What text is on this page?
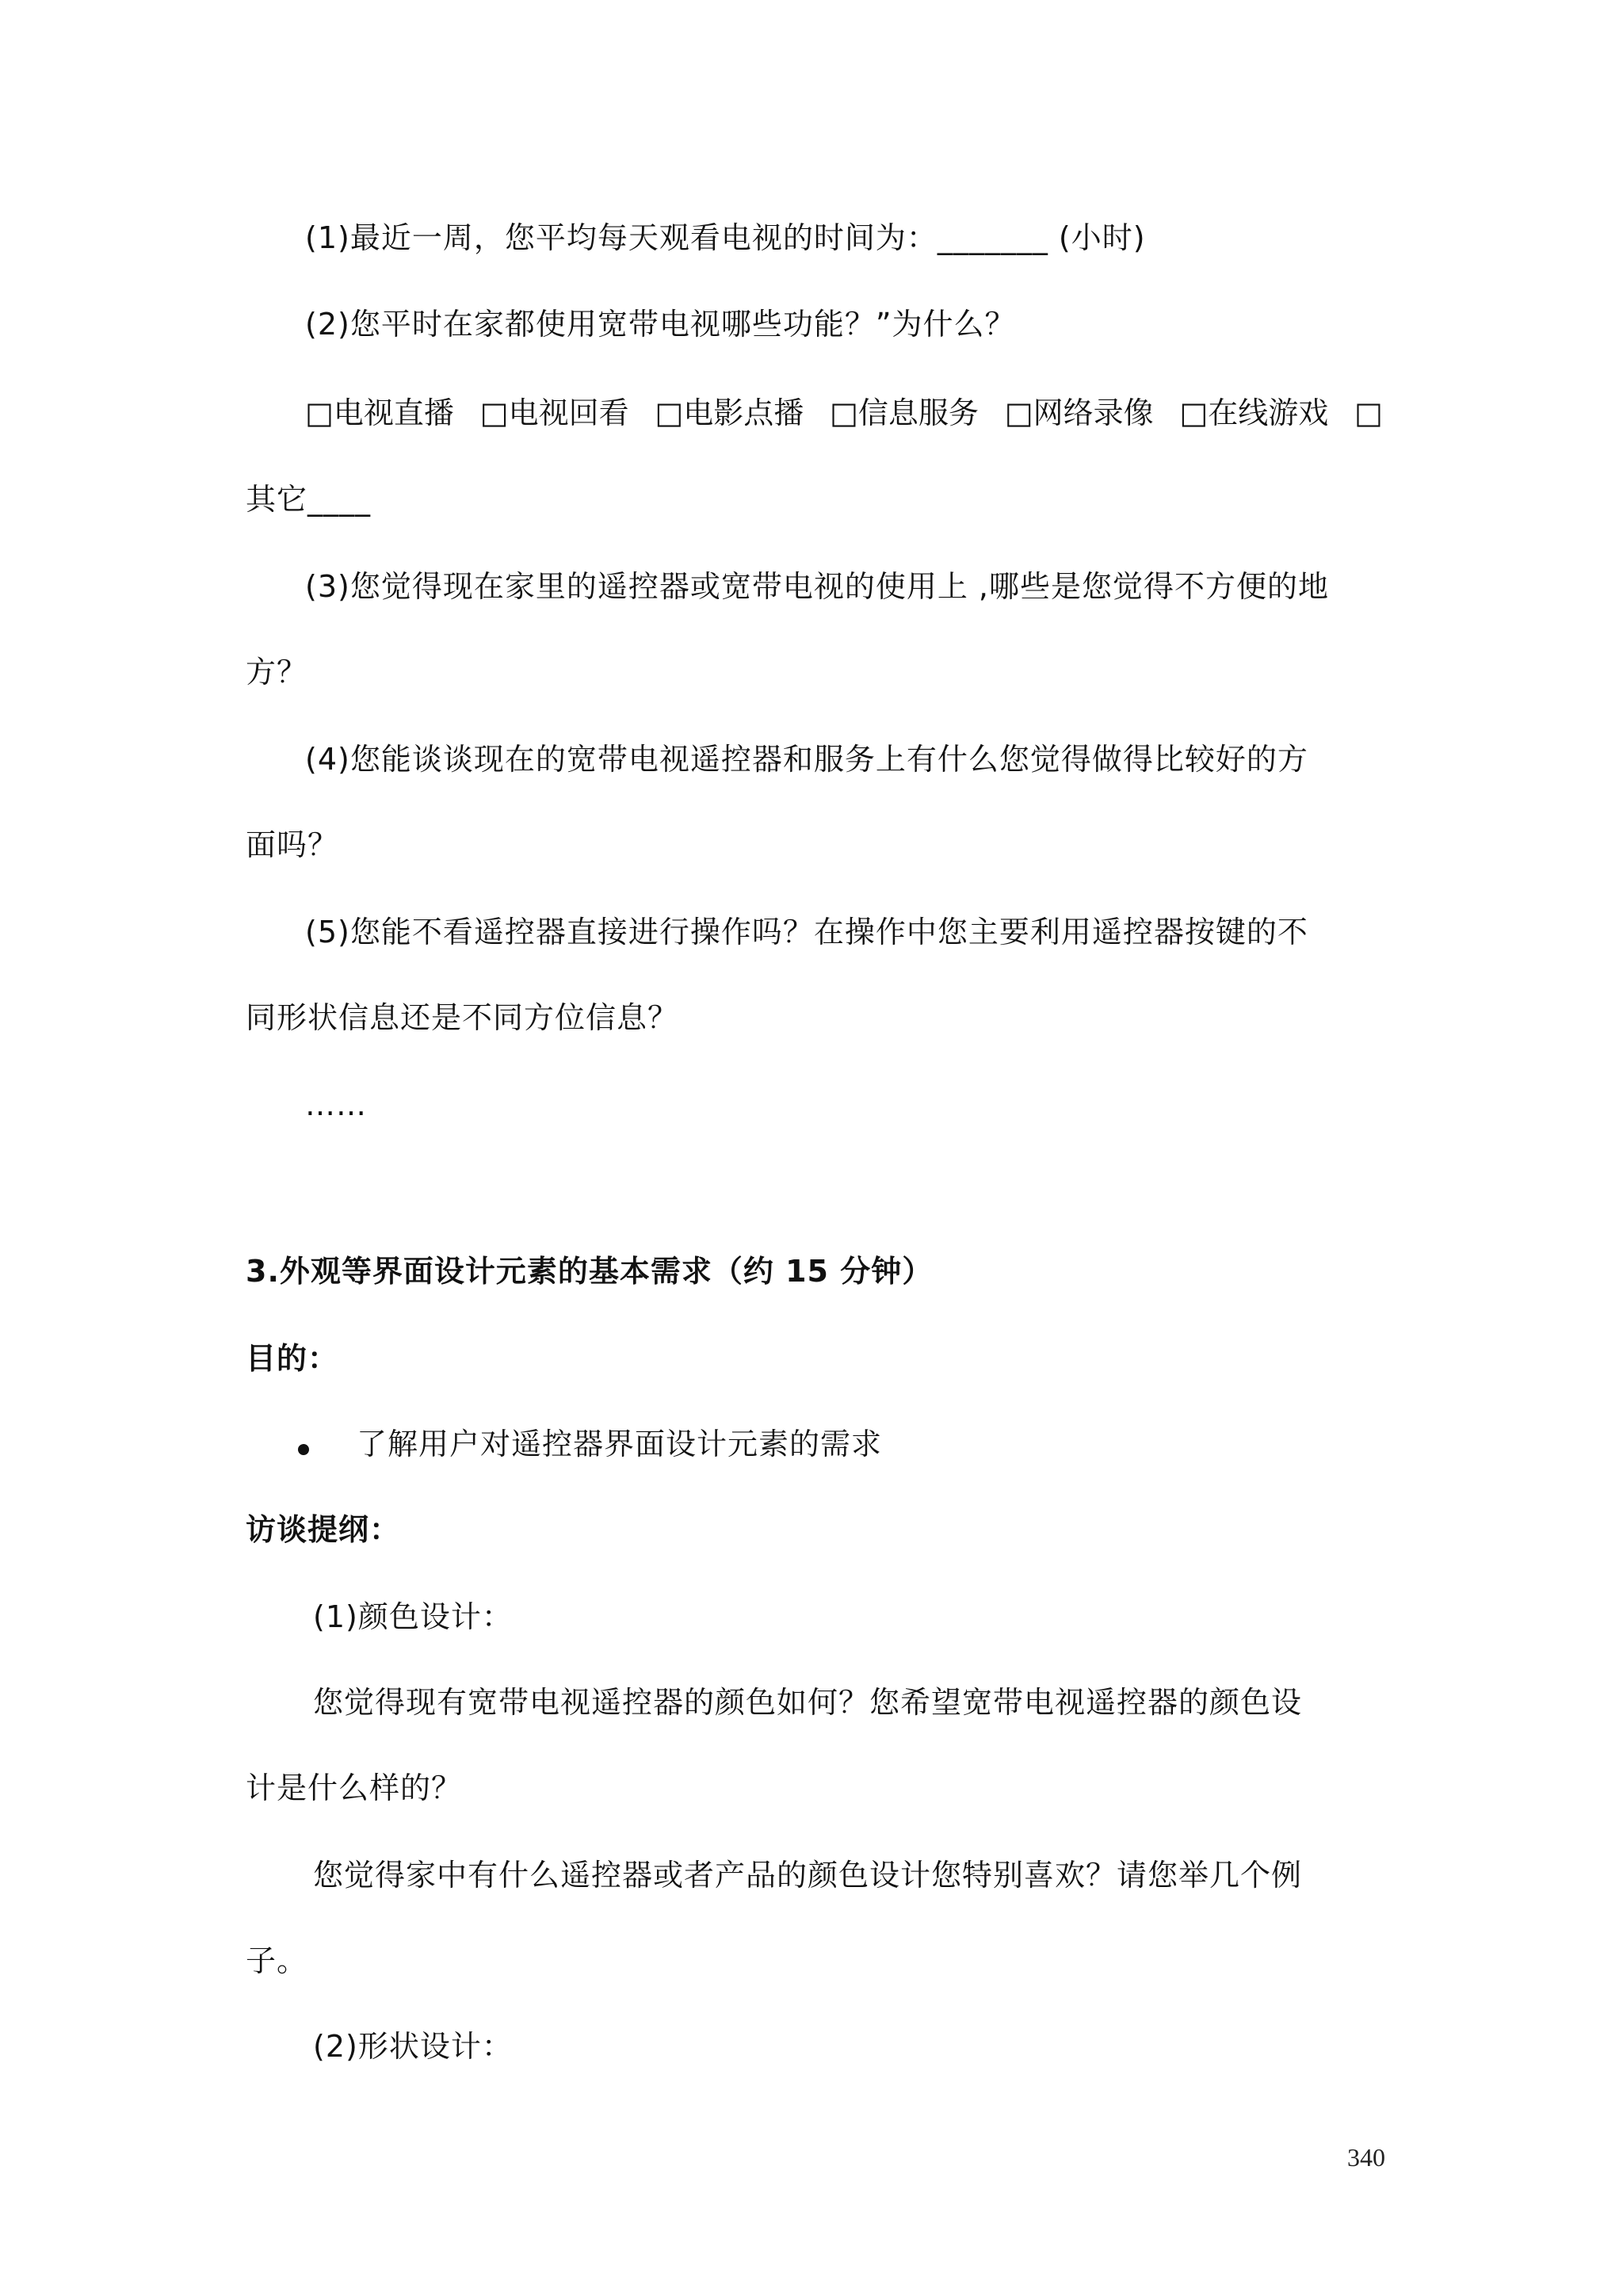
(1)最近一周，您平均每天观看电视的时间为：_______ (小时)
(2)您平时在家都使用宽带电视哪些功能？”为什么？
□电视直播 □电视回看 □电影点播 □信息服务 □网络录像 □在线游戏 □
其它____
(3)您觉得现在家里的遥控器或宽带电视的使用上 ,哪些是您觉得不方便的地
方？
(4)您能谈谈现在的宽带电视遥控器和服务上有什么您觉得做得比较好的方
面吗？
(5)您能不看遥控器直接进行操作吗？在操作中您主要利用遥控器按键的不
同形状信息还是不同方位信息？
……
3.外观等界面设计元素的基本需求（约 15 分钟）
目的：
了解用户对遥控器界面设计元素的需求
访谈提纲：
(1)颜色设计：
您觉得现有宽带电视遥控器的颜色如何？您希望宽带电视遥控器的颜色设
计是什么样的？
您觉得家中有什么遥控器或者产品的颜色设计您特别喜欢？请您举几个例
子。
(2)形状设计：
340
